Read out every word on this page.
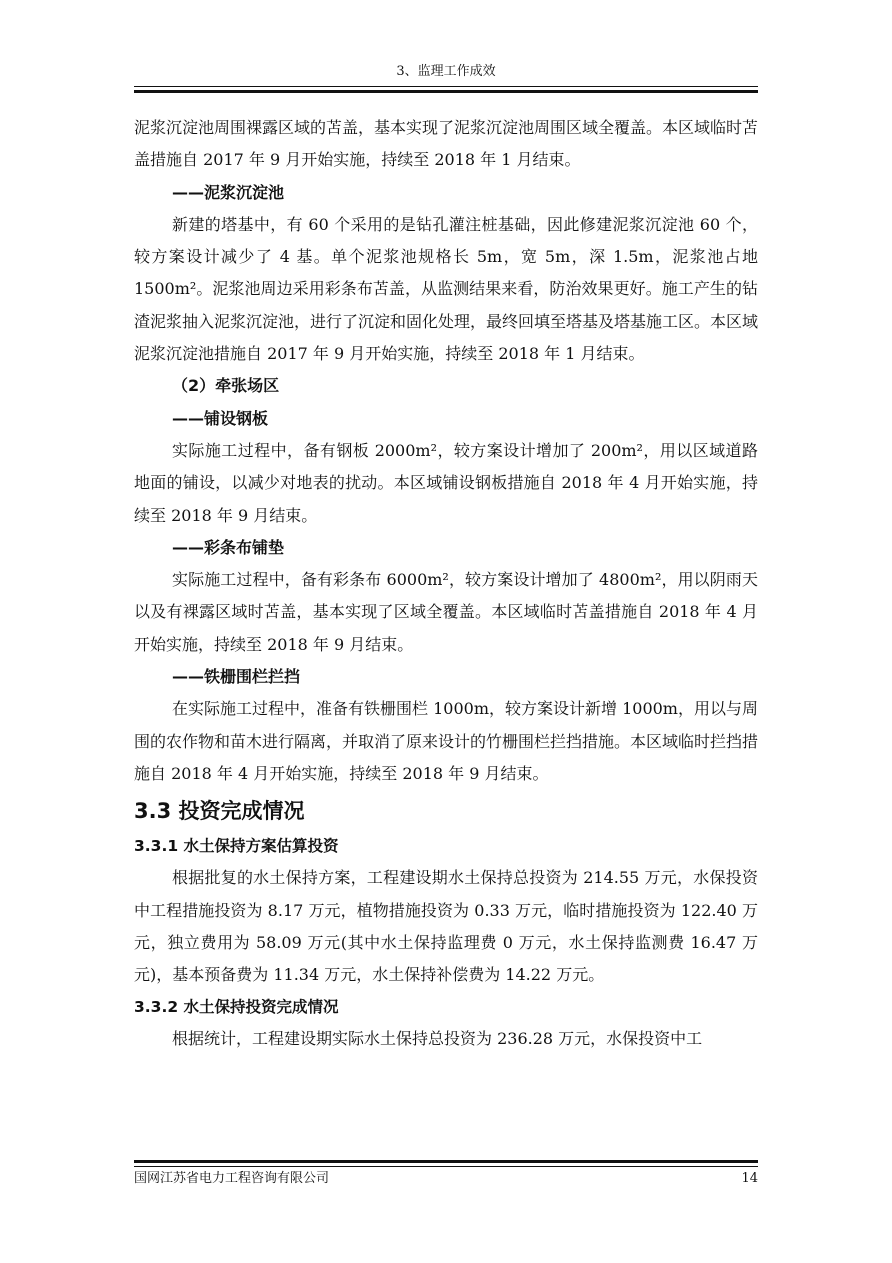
3、监理工作成效

泥浆沉淀池周围裸露区域的苫盖，基本实现了泥浆沉淀池周围区域全覆盖。本区域临时苫盖措施自 2017 年 9 月开始实施，持续至 2018 年 1 月结束。

——泥浆沉淀池

新建的塔基中，有 60 个采用的是钻孔灌注桩基础，因此修建泥浆沉淀池 60 个，较方案设计减少了 4 基。单个泥浆池规格长 5m，宽 5m，深 1.5m，泥浆池占地 1500m²。泥浆池周边采用彩条布苫盖，从监测结果来看，防治效果更好。施工产生的钻渣泥浆抽入泥浆沉淀池，进行了沉淀和固化处理，最终回填至塔基及塔基施工区。本区域泥浆沉淀池措施自 2017 年 9 月开始实施，持续至 2018 年 1 月结束。

（2）牵张场区

——铺设钢板

实际施工过程中，备有钢板 2000m²，较方案设计增加了 200m²，用以区域道路地面的铺设，以减少对地表的扰动。本区域铺设钢板措施自 2018 年 4 月开始实施，持续至 2018 年 9 月结束。

——彩条布铺垫

实际施工过程中，备有彩条布 6000m²，较方案设计增加了 4800m²，用以阴雨天以及有裸露区域时苫盖，基本实现了区域全覆盖。本区域临时苫盖措施自 2018 年 4 月开始实施，持续至 2018 年 9 月结束。

——铁栅围栏拦挡

在实际施工过程中，准备有铁栅围栏 1000m，较方案设计新增 1000m，用以与周围的农作物和苗木进行隔离，并取消了原来设计的竹栅围栏拦挡措施。本区域临时拦挡措施自 2018 年 4 月开始实施，持续至 2018 年 9 月结束。

3.3 投资完成情况

3.3.1 水土保持方案估算投资

根据批复的水土保持方案，工程建设期水土保持总投资为 214.55 万元，水保投资中工程措施投资为 8.17 万元，植物措施投资为 0.33 万元，临时措施投资为 122.40 万元，独立费用为 58.09 万元(其中水土保持监理费 0 万元，水土保持监测费 16.47 万元)，基本预备费为 11.34 万元，水土保持补偿费为 14.22 万元。

3.3.2 水土保持投资完成情况

根据统计，工程建设期实际水土保持总投资为 236.28 万元，水保投资中工

国网江苏省电力工程咨询有限公司	14
